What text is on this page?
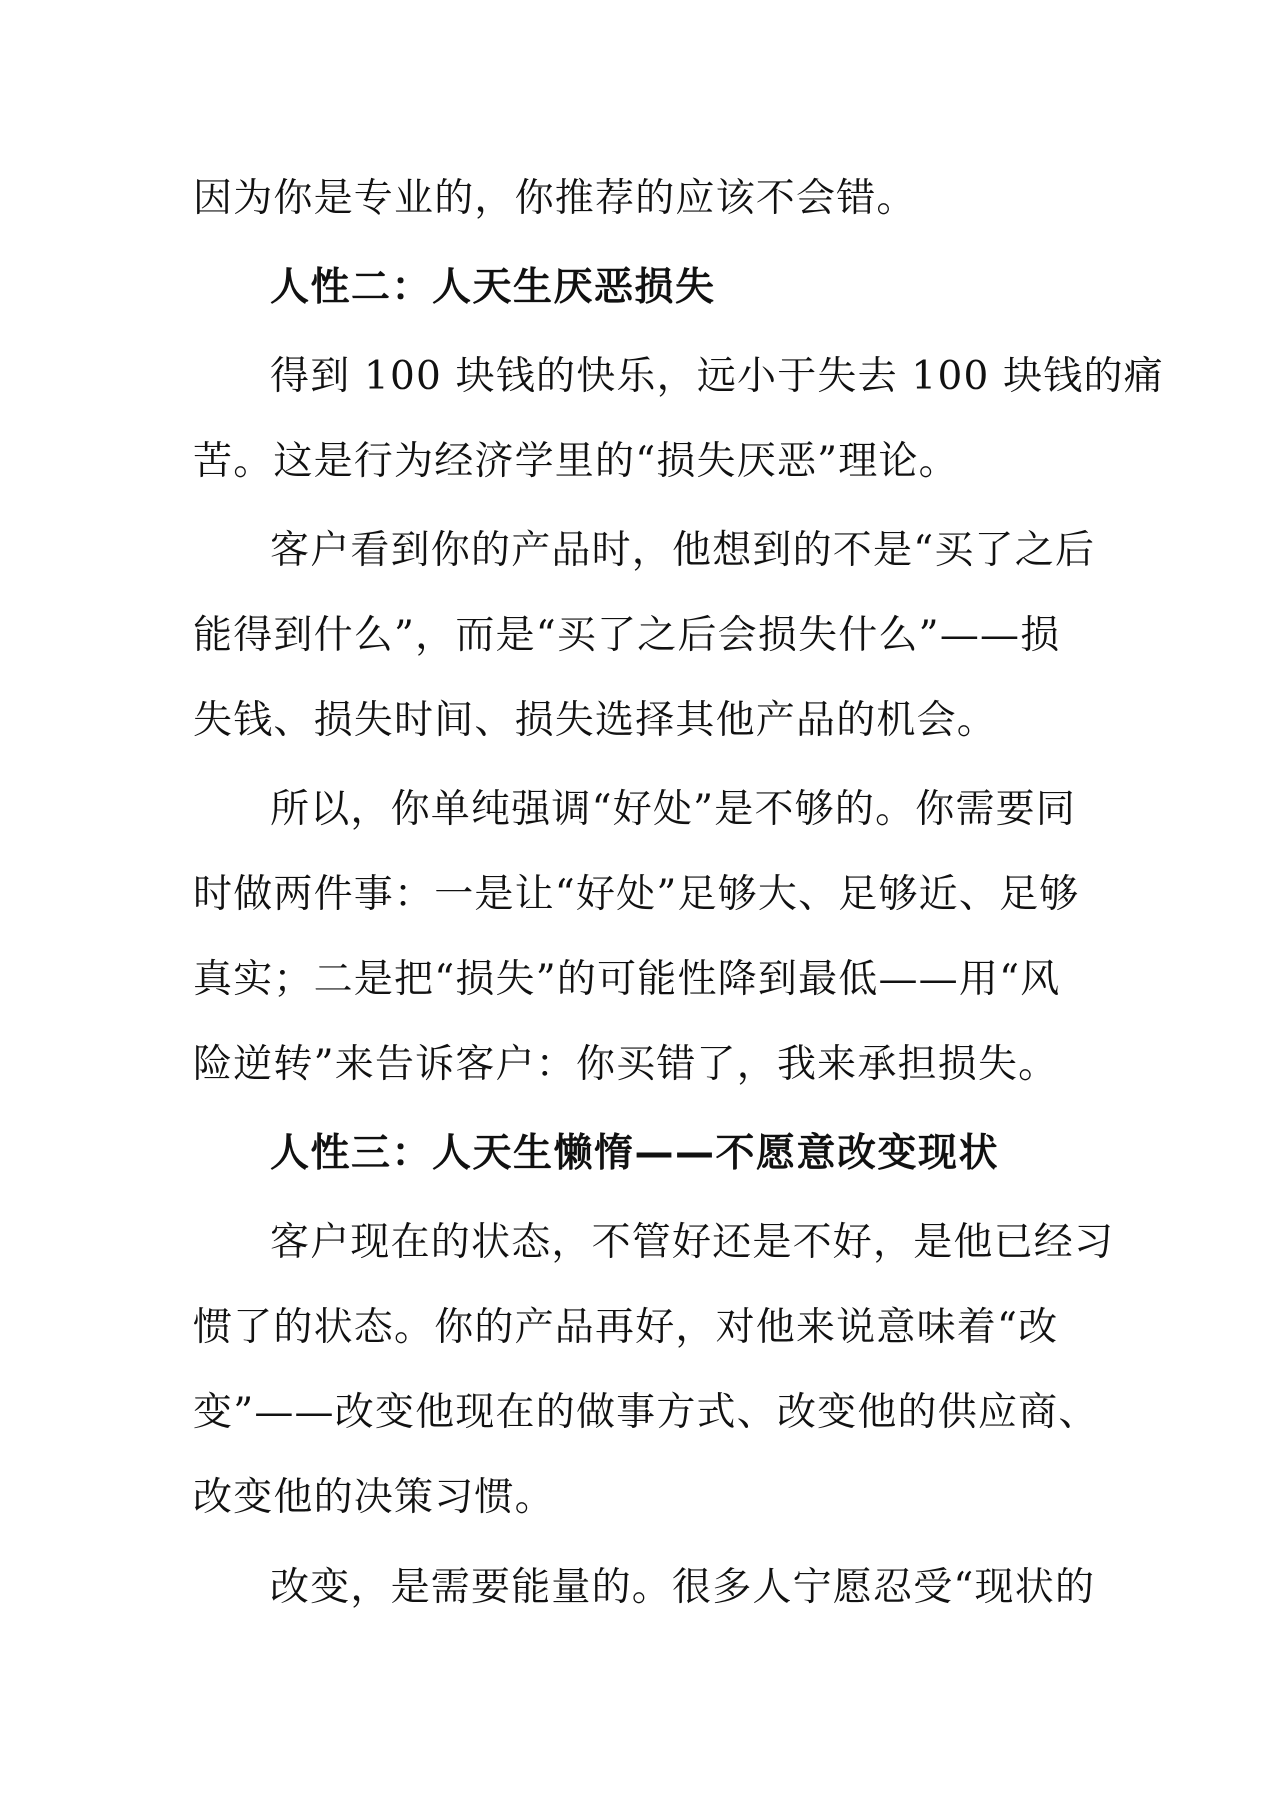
因为你是专业的，你推荐的应该不会错。
人性二：人天生厌恶损失
得到 100 块钱的快乐，远小于失去 100 块钱的痛
苦。这是行为经济学里的“损失厌恶”理论。
客户看到你的产品时，他想到的不是“买了之后
能得到什么”，而是“买了之后会损失什么”——损
失钱、损失时间、损失选择其他产品的机会。
所以，你单纯强调“好处”是不够的。你需要同
时做两件事：一是让“好处”足够大、足够近、足够
真实；二是把“损失”的可能性降到最低——用“风
险逆转”来告诉客户：你买错了，我来承担损失。
人性三：人天生懒惰——不愿意改变现状
客户现在的状态，不管好还是不好，是他已经习
惯了的状态。你的产品再好，对他来说意味着“改
变”——改变他现在的做事方式、改变他的供应商、
改变他的决策习惯。
改变，是需要能量的。很多人宁愿忍受“现状的
